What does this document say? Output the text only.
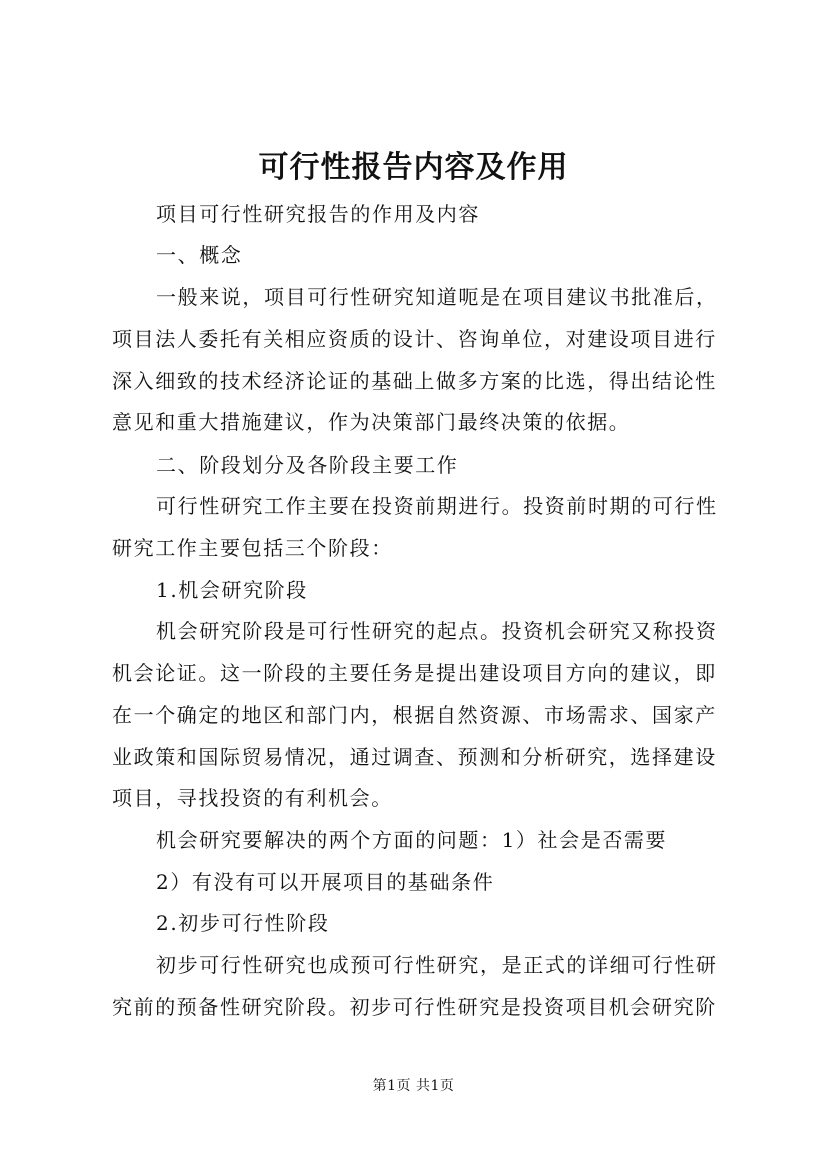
可行性报告内容及作用
项目可行性研究报告的作用及内容
一、概念
一般来说，项目可行性研究知道呃是在项目建议书批准后，
项目法人委托有关相应资质的设计、咨询单位，对建设项目进行
深入细致的技术经济论证的基础上做多方案的比选，得出结论性
意见和重大措施建议，作为决策部门最终决策的依据。
二、阶段划分及各阶段主要工作
可行性研究工作主要在投资前期进行。投资前时期的可行性
研究工作主要包括三个阶段：
1.机会研究阶段
机会研究阶段是可行性研究的起点。投资机会研究又称投资
机会论证。这一阶段的主要任务是提出建设项目方向的建议，即
在一个确定的地区和部门内，根据自然资源、市场需求、国家产
业政策和国际贸易情况，通过调查、预测和分析研究，选择建设
项目，寻找投资的有利机会。
机会研究要解决的两个方面的问题：1）社会是否需要
2）有没有可以开展项目的基础条件
2.初步可行性阶段
初步可行性研究也成预可行性研究，是正式的详细可行性研
究前的预备性研究阶段。初步可行性研究是投资项目机会研究阶
第1页 共1页
